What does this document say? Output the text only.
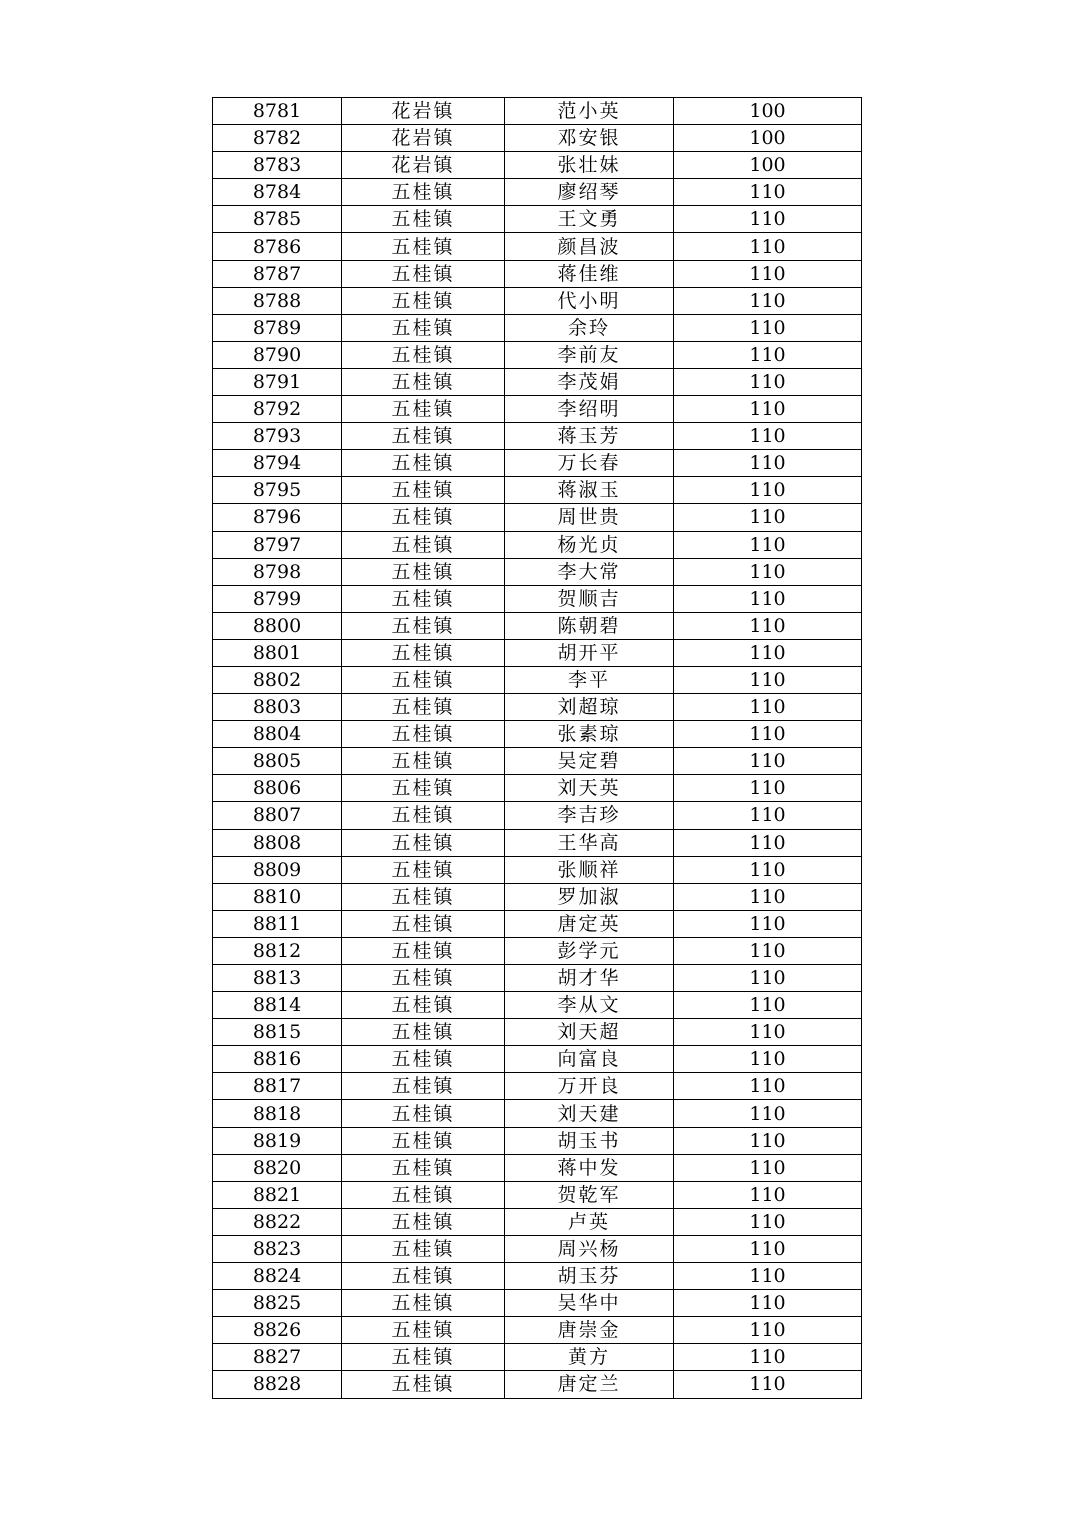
8781	花岩镇	范小英	100
8782	花岩镇	邓安银	100
8783	花岩镇	张壮妹	100
8784	五桂镇	廖绍琴	110
8785	五桂镇	王文勇	110
8786	五桂镇	颜昌波	110
8787	五桂镇	蒋佳维	110
8788	五桂镇	代小明	110
8789	五桂镇	余玲	110
8790	五桂镇	李前友	110
8791	五桂镇	李茂娟	110
8792	五桂镇	李绍明	110
8793	五桂镇	蒋玉芳	110
8794	五桂镇	万长春	110
8795	五桂镇	蒋淑玉	110
8796	五桂镇	周世贵	110
8797	五桂镇	杨光贞	110
8798	五桂镇	李大常	110
8799	五桂镇	贺顺吉	110
8800	五桂镇	陈朝碧	110
8801	五桂镇	胡开平	110
8802	五桂镇	李平	110
8803	五桂镇	刘超琼	110
8804	五桂镇	张素琼	110
8805	五桂镇	吴定碧	110
8806	五桂镇	刘天英	110
8807	五桂镇	李吉珍	110
8808	五桂镇	王华高	110
8809	五桂镇	张顺祥	110
8810	五桂镇	罗加淑	110
8811	五桂镇	唐定英	110
8812	五桂镇	彭学元	110
8813	五桂镇	胡才华	110
8814	五桂镇	李从文	110
8815	五桂镇	刘天超	110
8816	五桂镇	向富良	110
8817	五桂镇	万开良	110
8818	五桂镇	刘天建	110
8819	五桂镇	胡玉书	110
8820	五桂镇	蒋中发	110
8821	五桂镇	贺乾军	110
8822	五桂镇	卢英	110
8823	五桂镇	周兴杨	110
8824	五桂镇	胡玉芬	110
8825	五桂镇	吴华中	110
8826	五桂镇	唐崇金	110
8827	五桂镇	黄方	110
8828	五桂镇	唐定兰	110
